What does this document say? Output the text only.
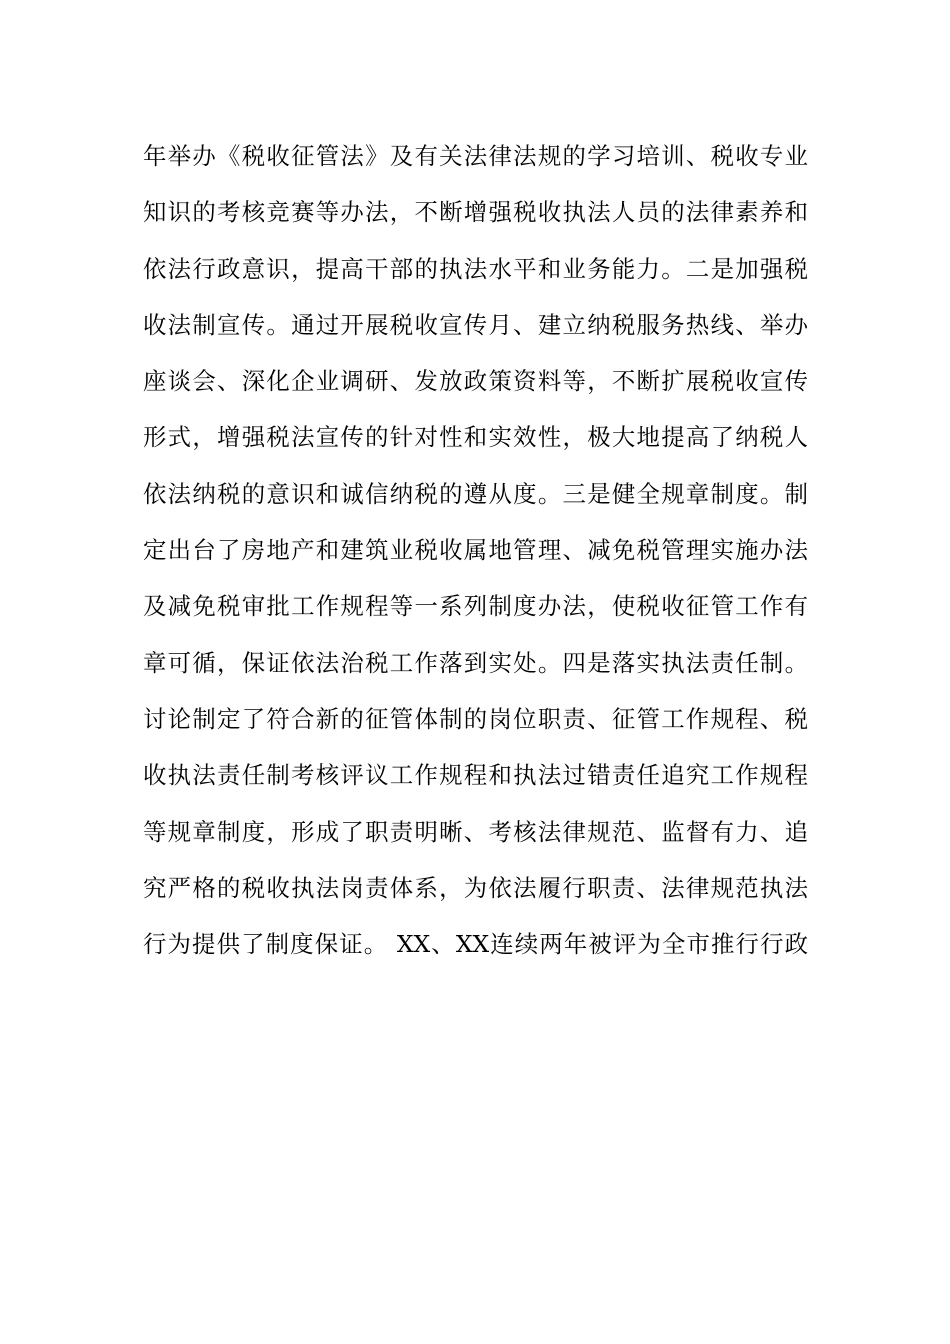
年举办《税收征管法》及有关法律法规的学习培训、税收专业
知识的考核竞赛等办法，不断增强税收执法人员的法律素养和
依法行政意识，提高干部的执法水平和业务能力。二是加强税
收法制宣传。通过开展税收宣传月、建立纳税服务热线、举办
座谈会、深化企业调研、发放政策资料等，不断扩展税收宣传
形式，增强税法宣传的针对性和实效性，极大地提高了纳税人
依法纳税的意识和诚信纳税的遵从度。三是健全规章制度。制
定出台了房地产和建筑业税收属地管理、减免税管理实施办法
及减免税审批工作规程等一系列制度办法，使税收征管工作有
章可循，保证依法治税工作落到实处。四是落实执法责任制。
讨论制定了符合新的征管体制的岗位职责、征管工作规程、税
收执法责任制考核评议工作规程和执法过错责任追究工作规程
等规章制度，形成了职责明晰、考核法律规范、监督有力、追
究严格的税收执法岗责体系，为依法履行职责、法律规范执法
行为提供了制度保证。 XX、XX连续两年被评为全市推行行政
